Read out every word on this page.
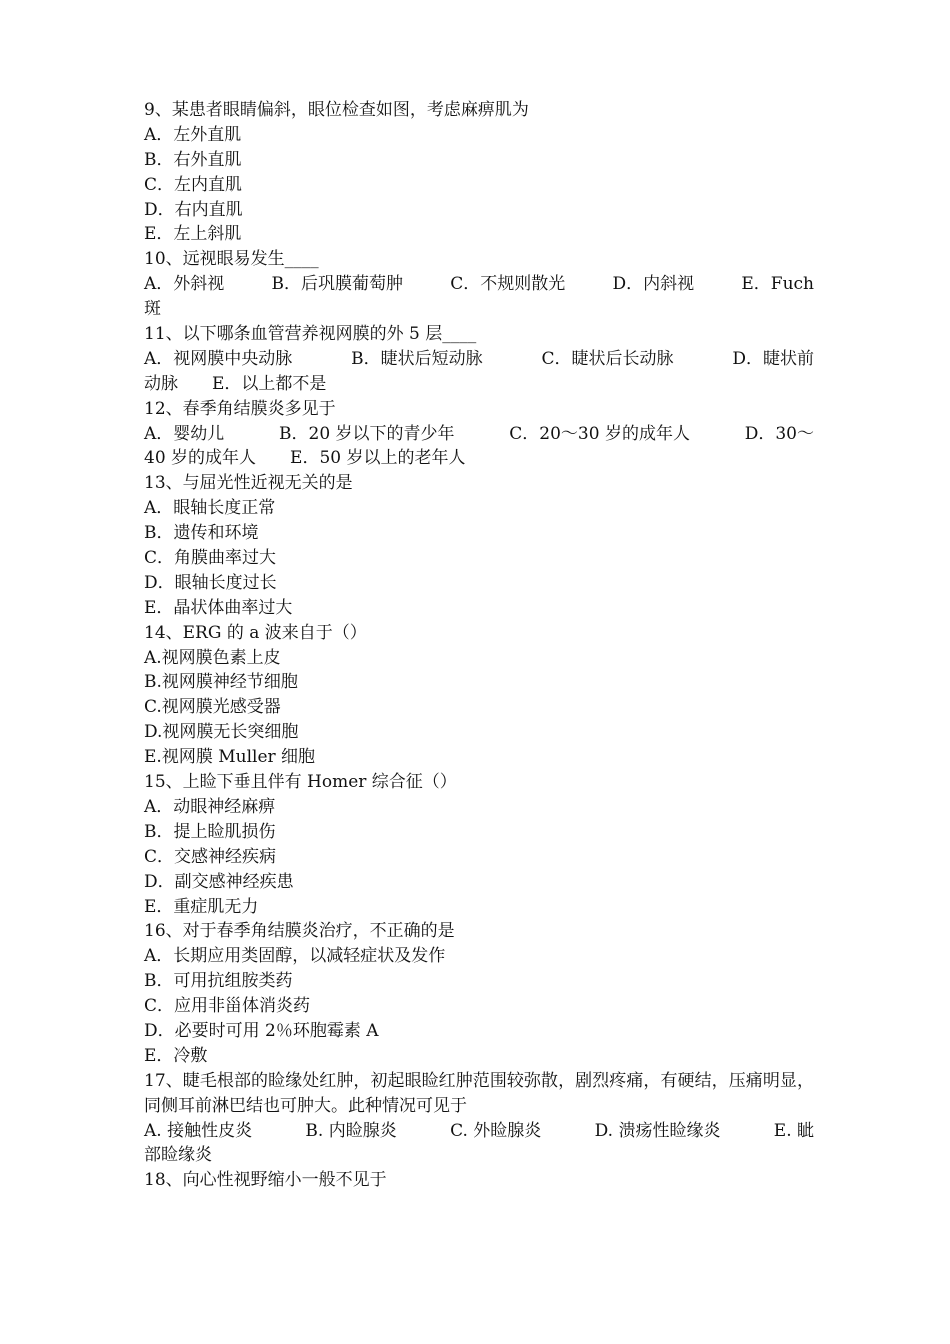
9、某患者眼睛偏斜，眼位检查如图，考虑麻痹肌为
A．左外直肌
B．右外直肌
C．左内直肌
D．右内直肌
E．左上斜肌
10、远视眼易发生____
A．外斜视	B．后巩膜葡萄肿	C．不规则散光	D．内斜视	E．Fuch
斑
11、以下哪条血管营养视网膜的外 5 层____
A．视网膜中央动脉	B．睫状后短动脉	C．睫状后长动脉	D．睫状前
动脉　　E．以上都不是
12、春季角结膜炎多见于
A．婴幼儿	B．20 岁以下的青少年	C．20～30 岁的成年人	D．30～
40 岁的成年人　　E．50 岁以上的老年人
13、与屈光性近视无关的是
A．眼轴长度正常
B．遗传和环境
C．角膜曲率过大
D．眼轴长度过长
E．晶状体曲率过大
14、ERG 的 a 波来自于（）
A.视网膜色素上皮
B.视网膜神经节细胞
C.视网膜光感受器
D.视网膜无长突细胞
E.视网膜 Muller 细胞
15、上睑下垂且伴有 Homer 综合征（）
A．动眼神经麻痹
B．提上睑肌损伤
C．交感神经疾病
D．副交感神经疾患
E．重症肌无力
16、对于春季角结膜炎治疗，不正确的是
A．长期应用类固醇，以减轻症状及发作
B．可用抗组胺类药
C．应用非甾体消炎药
D．必要时可用 2％环胞霉素 A
E．冷敷
17、睫毛根部的睑缘处红肿，初起眼睑红肿范围较弥散，剧烈疼痛，有硬结，压痛明显，同侧耳前淋巴结也可肿大。此种情况可见于
A. 接触性皮炎	B. 内睑腺炎	C. 外睑腺炎	D. 溃疡性睑缘炎	E. 眦
部睑缘炎
18、向心性视野缩小一般不见于
